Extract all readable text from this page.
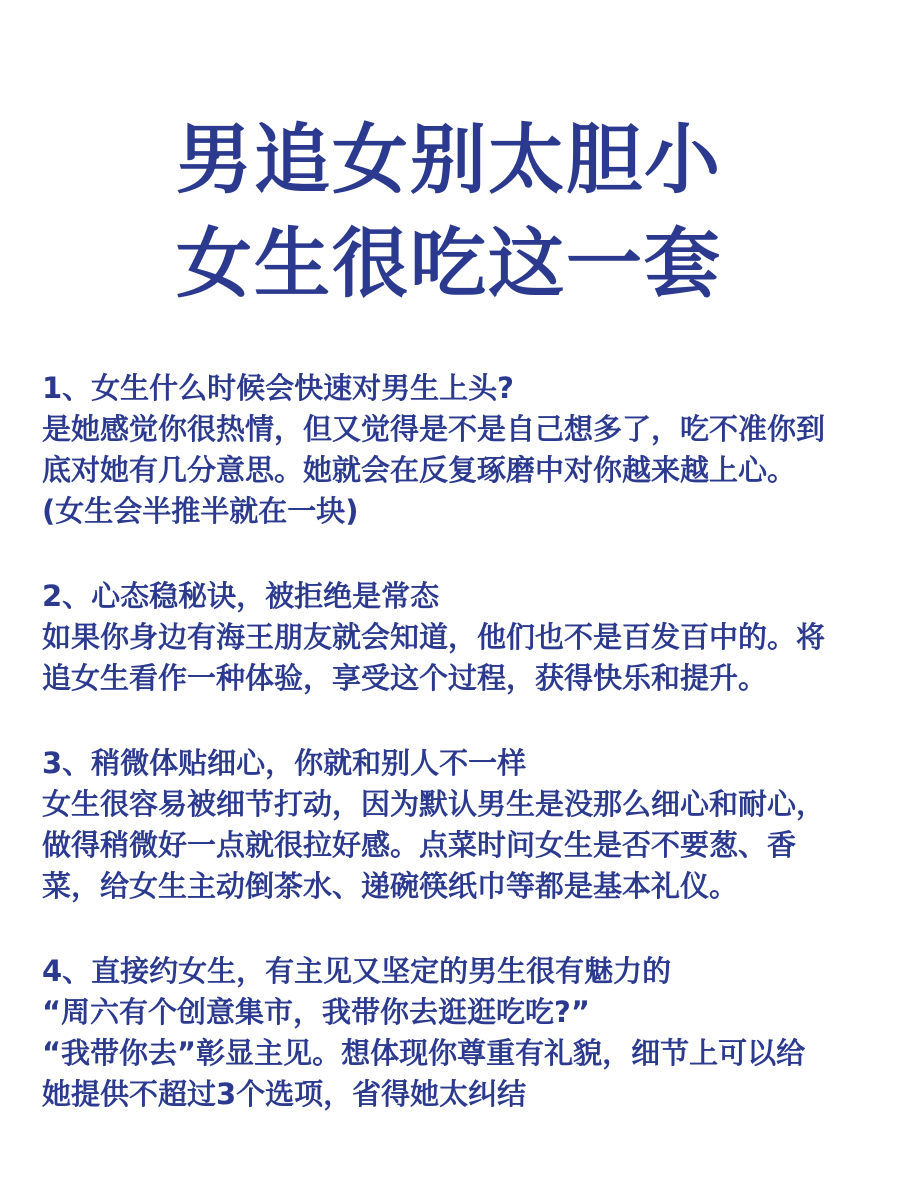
男追女别太胆小
女生很吃这一套
1、女生什么时候会快速对男生上头?
是她感觉你很热情，但又觉得是不是自己想多了，吃不准你到
底对她有几分意思。她就会在反复琢磨中对你越来越上心。
(女生会半推半就在一块)
2、心态稳秘诀，被拒绝是常态
如果你身边有海王朋友就会知道，他们也不是百发百中的。将
追女生看作一种体验，享受这个过程，获得快乐和提升。
3、稍微体贴细心，你就和别人不一样
女生很容易被细节打动，因为默认男生是没那么细心和耐心，
做得稍微好一点就很拉好感。点菜时问女生是否不要葱、香
菜，给女生主动倒茶水、递碗筷纸巾等都是基本礼仪。
4、直接约女生，有主见又坚定的男生很有魅力的
“周六有个创意集市，我带你去逛逛吃吃?”
“我带你去”彰显主见。想体现你尊重有礼貌，细节上可以给
她提供不超过3个选项，省得她太纠结
